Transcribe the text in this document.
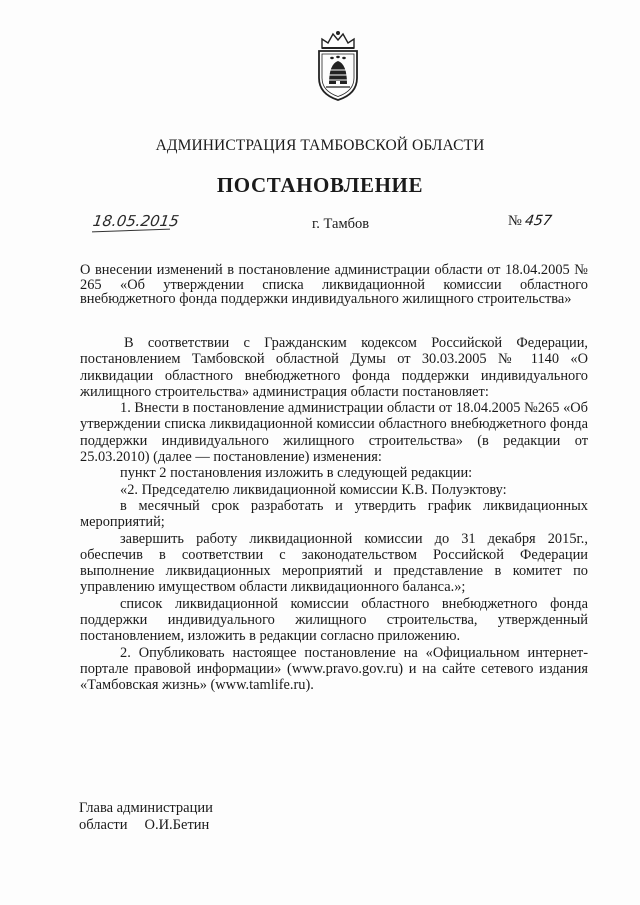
АДМИНИСТРАЦИЯ ТАМБОВСКОЙ ОБЛАСТИ
ПОСТАНОВЛЕНИЕ
18.05.2015	г. Тамбов	№ 457
О внесении изменений в постановление администрации области от 18.04.2005 № 265 «Об утверждении списка ликвидационной комиссии областного внебюджетного фонда поддержки индивидуального жилищного строительства»

В соответствии с Гражданским кодексом Российской Федерации, постановлением Тамбовской областной Думы от 30.03.2005 № 1140 «О ликвидации областного внебюджетного фонда поддержки индивидуального жилищного строительства» администрация области постановляет:

1. Внести в постановление администрации области от 18.04.2005 №265 «Об утверждении списка ликвидационной комиссии областного внебюджетного фонда поддержки индивидуального жилищного строительства» (в редакции от 25.03.2010) (далее — постановление) изменения:

пункт 2 постановления изложить в следующей редакции:

«2. Председателю ликвидационной комиссии К.В. Полуэктову:

в месячный срок разработать и утвердить график ликвидационных мероприятий;

завершить работу ликвидационной комиссии до 31 декабря 2015г., обеспечив в соответствии с законодательством Российской Федерации выполнение ликвидационных мероприятий и представление в комитет по управлению имуществом области ликвидационного баланса.»;

список ликвидационной комиссии областного внебюджетного фонда поддержки индивидуального жилищного строительства, утвержденный постановлением, изложить в редакции согласно приложению.

2. Опубликовать настоящее постановление на «Официальном интернет-портале правовой информации» (www.pravo.gov.ru) и на сайте сетевого издания «Тамбовская жизнь» (www.tamlife.ru).

Глава администрации
области О.И.Бетин
